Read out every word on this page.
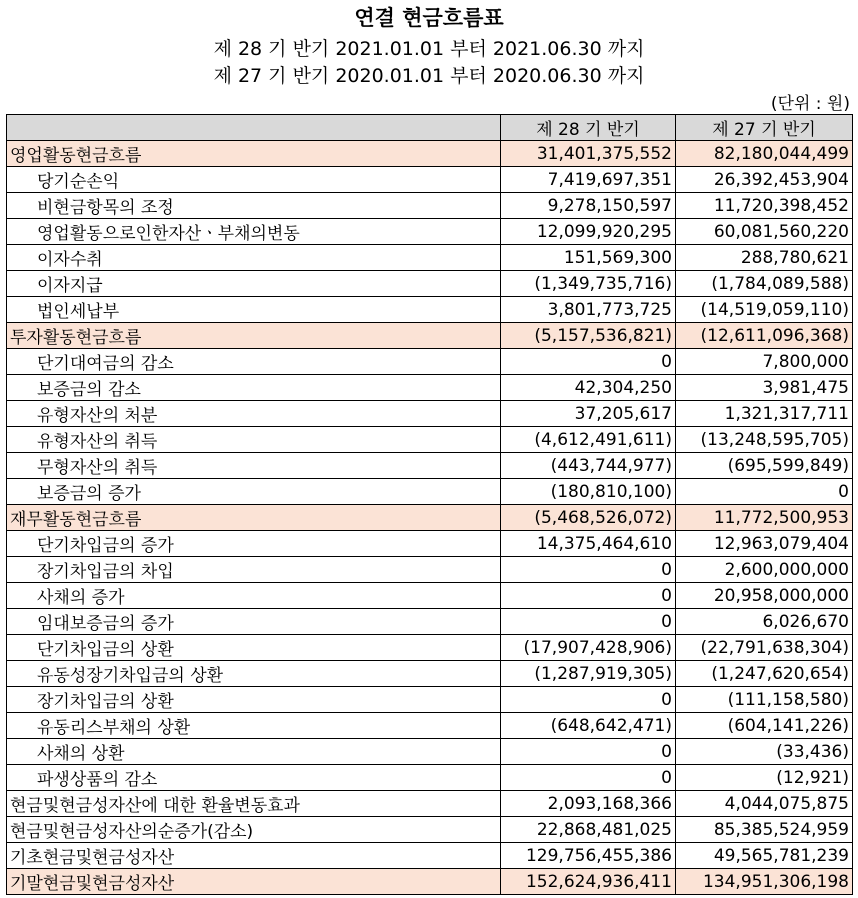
연결 현금흐름표
제 28 기 반기 2021.01.01 부터 2021.06.30 까지
제 27 기 반기 2020.01.01 부터 2020.06.30 까지
(단위 : 원)
	제 28 기 반기	제 27 기 반기
영업활동현금흐름	31,401,375,552	82,180,044,499
당기순손익	7,419,697,351	26,392,453,904
비현금항목의 조정	9,278,150,597	11,720,398,452
영업활동으로인한자산ㆍ부채의변동	12,099,920,295	60,081,560,220
이자수취	151,569,300	288,780,621
이자지급	(1,349,735,716)	(1,784,089,588)
법인세납부	3,801,773,725	(14,519,059,110)
투자활동현금흐름	(5,157,536,821)	(12,611,096,368)
단기대여금의 감소	0	7,800,000
보증금의 감소	42,304,250	3,981,475
유형자산의 처분	37,205,617	1,321,317,711
유형자산의 취득	(4,612,491,611)	(13,248,595,705)
무형자산의 취득	(443,744,977)	(695,599,849)
보증금의 증가	(180,810,100)	0
재무활동현금흐름	(5,468,526,072)	11,772,500,953
단기차입금의 증가	14,375,464,610	12,963,079,404
장기차입금의 차입	0	2,600,000,000
사채의 증가	0	20,958,000,000
임대보증금의 증가	0	6,026,670
단기차입금의 상환	(17,907,428,906)	(22,791,638,304)
유동성장기차입금의 상환	(1,287,919,305)	(1,247,620,654)
장기차입금의 상환	0	(111,158,580)
유동리스부채의 상환	(648,642,471)	(604,141,226)
사채의 상환	0	(33,436)
파생상품의 감소	0	(12,921)
현금및현금성자산에 대한 환율변동효과	2,093,168,366	4,044,075,875
현금및현금성자산의순증가(감소)	22,868,481,025	85,385,524,959
기초현금및현금성자산	129,756,455,386	49,565,781,239
기말현금및현금성자산	152,624,936,411	134,951,306,198
